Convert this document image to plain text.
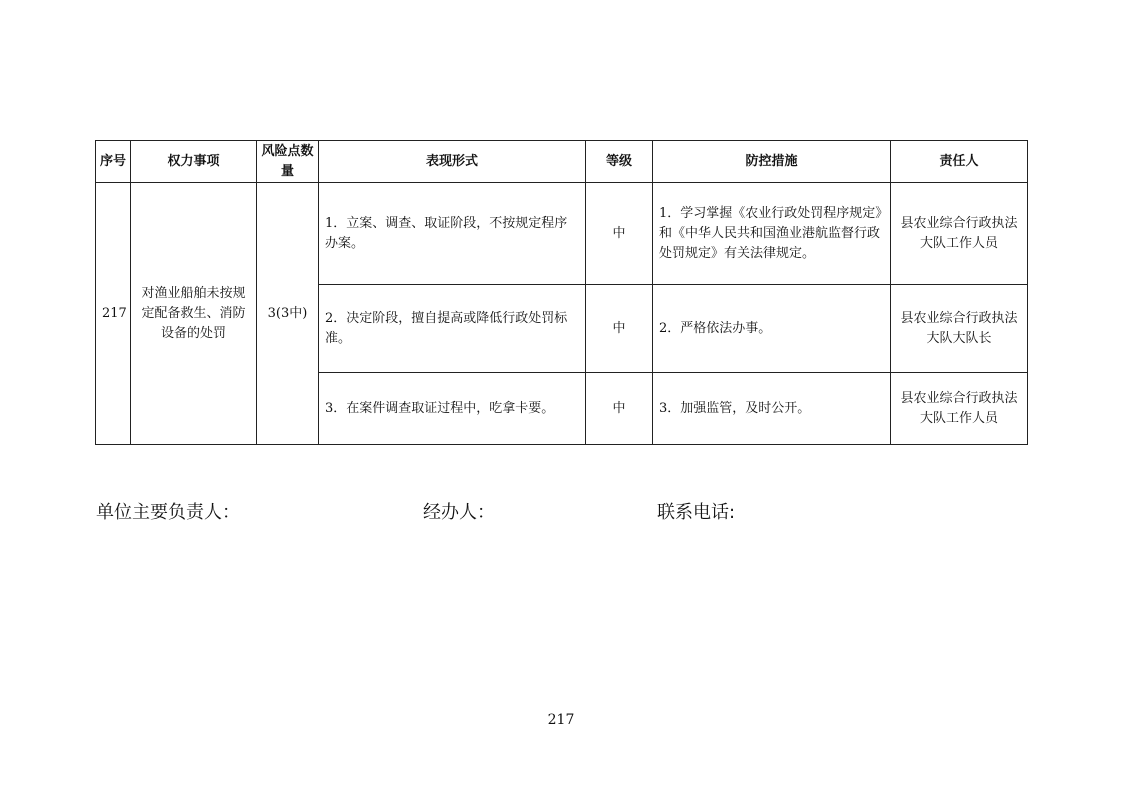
序号	权力事项	风险点数量	表现形式	等级	防控措施	责任人
217	对渔业船舶未按规定配备救生、消防设备的处罚	3(3中)	1．立案、调查、取证阶段，不按规定程序办案。	中	1．学习掌握《农业行政处罚程序规定》和《中华人民共和国渔业港航监督行政处罚规定》有关法律规定。	县农业综合行政执法大队工作人员
			2．决定阶段，擅自提高或降低行政处罚标准。	中	2．严格依法办事。	县农业综合行政执法大队大队长
			3．在案件调查取证过程中，吃拿卡要。	中	3．加强监管，及时公开。	县农业综合行政执法大队工作人员
单位主要负责人：	经办人：	联系电话:
217
